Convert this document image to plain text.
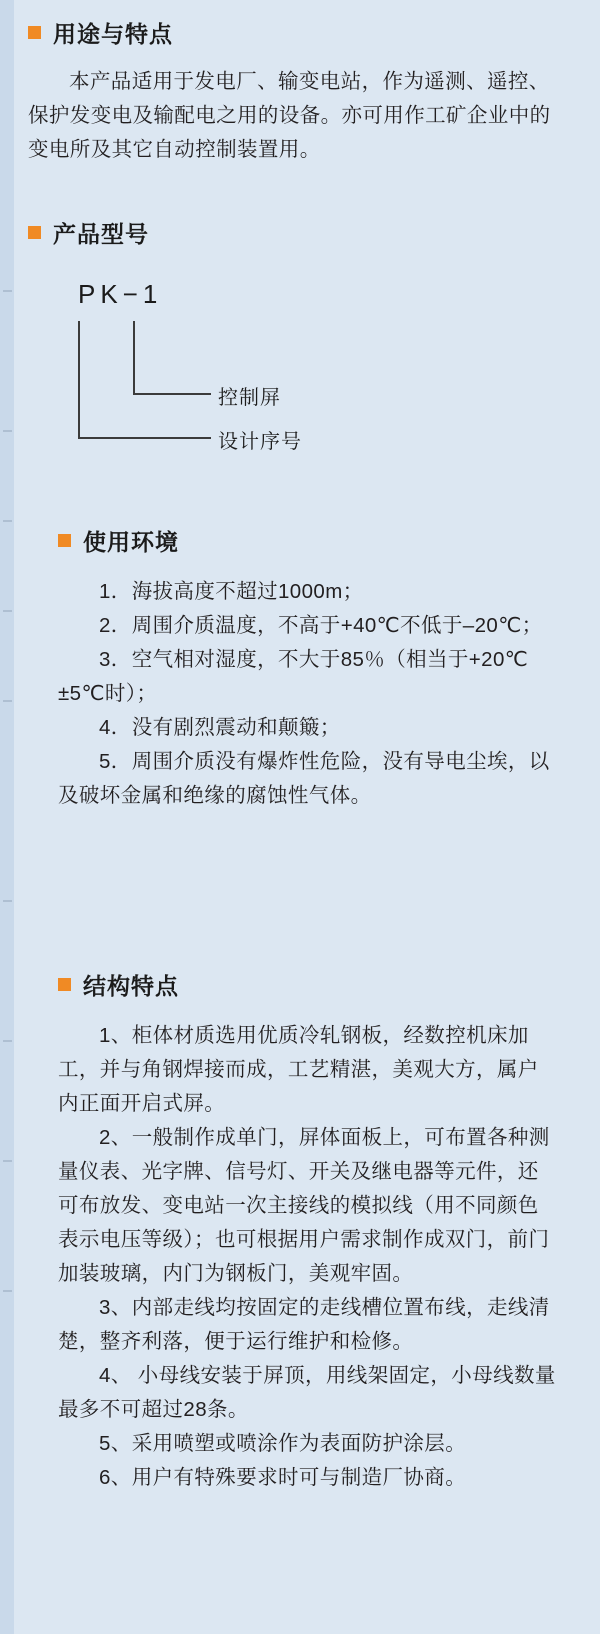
用途与特点
本产品适用于发电厂、输变电站，作为遥测、遥控、保护发变电及输配电之用的设备。亦可用作工矿企业中的变电所及其它自动控制装置用。
产品型号
PK−1
控制屏
设计序号
使用环境

1．海拔高度不超过1000m；

2．周围介质温度，不高于+40℃不低于–20℃；

3．空气相对湿度，不大于85％（相当于+20℃±5℃时）；

4．没有剧烈震动和颠簸；

5．周围介质没有爆炸性危险，没有导电尘埃，以及破坏金属和绝缘的腐蚀性气体。

结构特点

1、柜体材质选用优质冷轧钢板，经数控机床加工，并与角钢焊接而成，工艺精湛，美观大方，属户内正面开启式屏。

2、一般制作成单门，屏体面板上，可布置各种测量仪表、光字牌、信号灯、开关及继电器等元件，还可布放发、变电站一次主接线的模拟线（用不同颜色表示电压等级）；也可根据用户需求制作成双门，前门加装玻璃，内门为钢板门，美观牢固。

3、内部走线均按固定的走线槽位置布线，走线清楚，整齐利落，便于运行维护和检修。

4、 小母线安装于屏顶，用线架固定，小母线数量最多不可超过28条。

5、采用喷塑或喷涂作为表面防护涂层。

6、用户有特殊要求时可与制造厂协商。
